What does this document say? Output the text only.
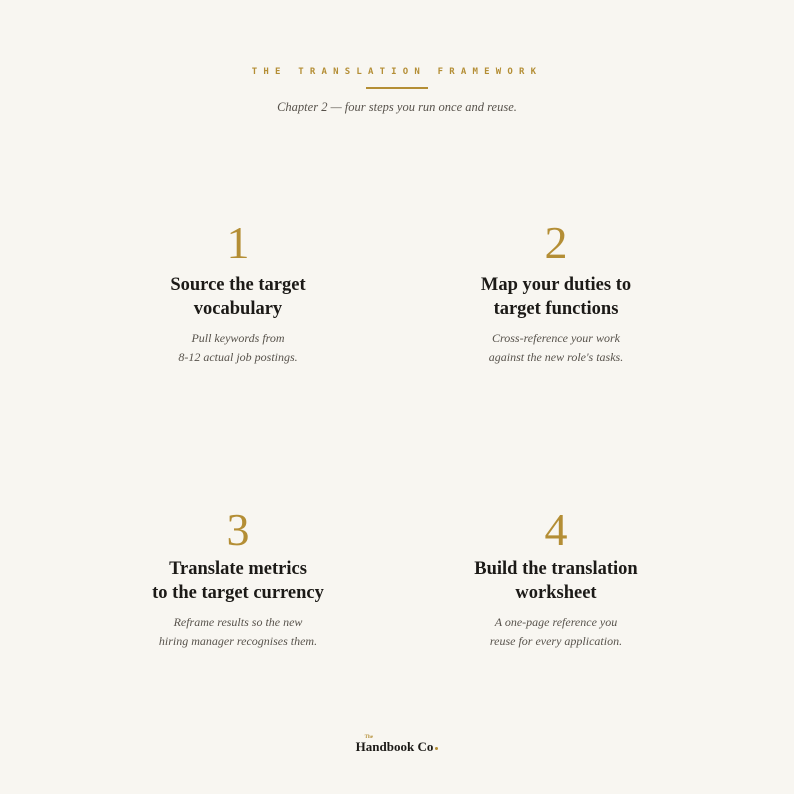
THE TRANSLATION FRAMEWORK
Chapter 2 — four steps you run once and reuse.
1
Source the target
vocabulary
Pull keywords from
8-12 actual job postings.
2
Map your duties to
target functions
Cross-reference your work
against the new role's tasks.
3
Translate metrics
to the target currency
Reframe results so the new
hiring manager recognises them.
4
Build the translation
worksheet
A one-page reference you
reuse for every application.
The
Handbook Co
